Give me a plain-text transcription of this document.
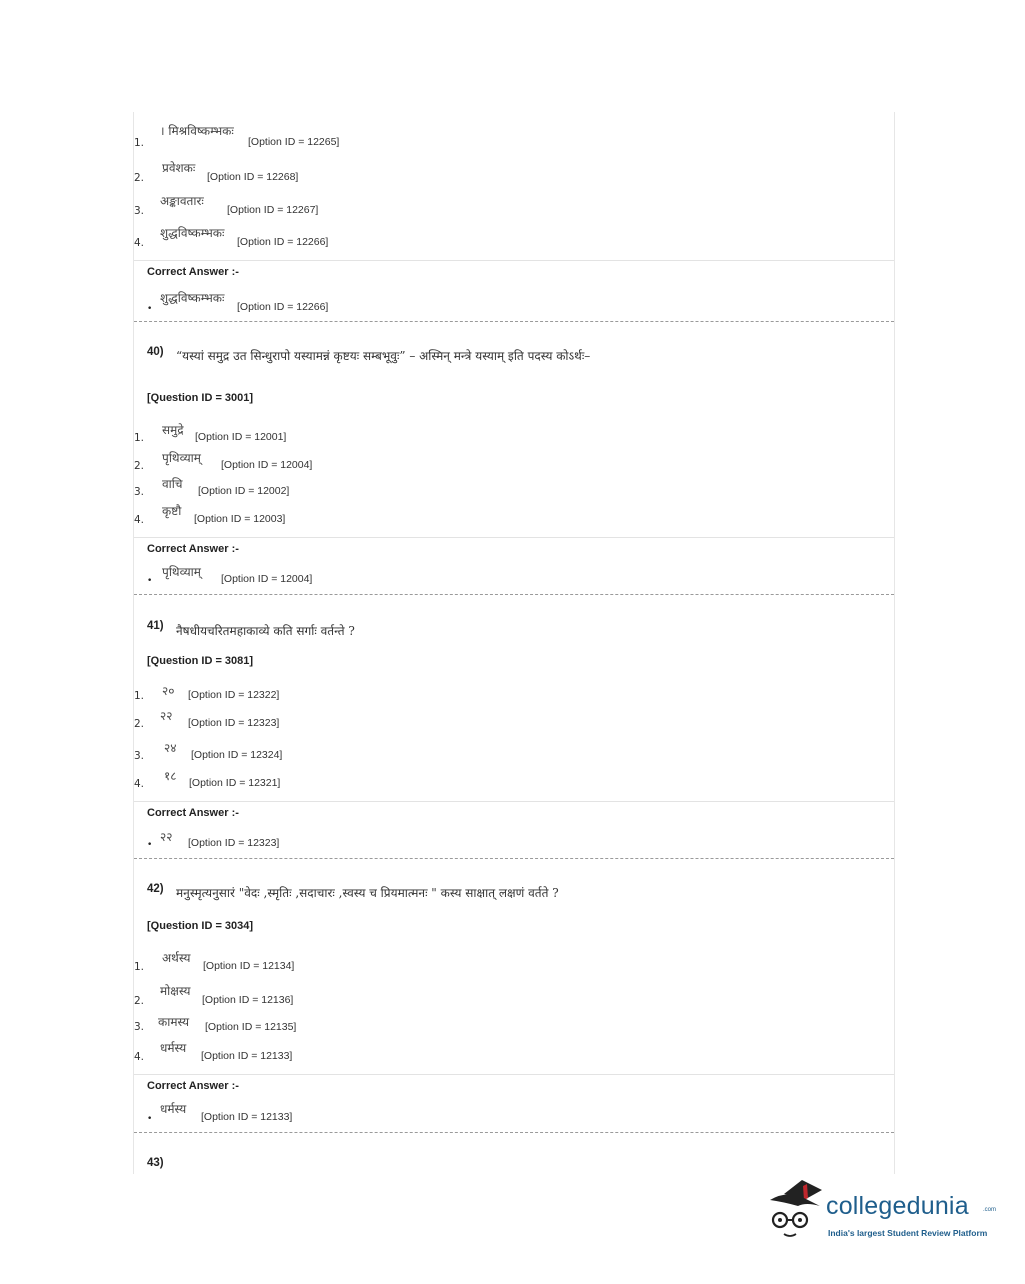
1.
। मिश्रविष्कम्भकः
[Option ID = 12265]
2.
प्रवेशकः
[Option ID = 12268]
3.
अङ्कावतारः
[Option ID = 12267]
4.
शुद्धविष्कम्भकः
[Option ID = 12266]
Correct Answer :-
•
शुद्धविष्कम्भकः
[Option ID = 12266]
40) “यस्यां समुद्र उत सिन्धुरापो यस्यामन्नं कृष्टयः सम्बभूवुः” – अस्मिन् मन्त्रे यस्याम् इति पदस्य कोऽर्थः–
[Question ID = 3001]
1.
समुद्रे [Option ID = 12001]
2.
पृथिव्याम् [Option ID = 12004]
3.
वाचि [Option ID = 12002]
4.
कृष्टौ
[Option ID = 12003]
Correct Answer :-
•
पृथिव्याम् [Option ID = 12004]
41) नैषधीयचरितमहाकाव्ये कति सर्गाः वर्तन्ते ?
[Question ID = 3081]
1. २० [Option ID = 12322]
2.
२२ [Option ID = 12323]
3.
२४ [Option ID = 12324]
4.
१८ [Option ID = 12321]
Correct Answer :-
•
२२ [Option ID = 12323]
42) मनुस्मृत्यनुसारं "वेदः ,स्मृतिः ,सदाचारः ,स्वस्य च प्रियमात्मनः " कस्य साक्षात् लक्षणं वर्तते ?
[Question ID = 3034]
1.
अर्थस्य
[Option ID = 12134]
2.
मोक्षस्य
[Option ID = 12136]
3. कामस्य [Option ID = 12135]
4.
धर्मस्य
[Option ID = 12133]
Correct Answer :-
•
धर्मस्य
[Option ID = 12133]
43)
collegedunia .com
India's largest Student Review Platform
